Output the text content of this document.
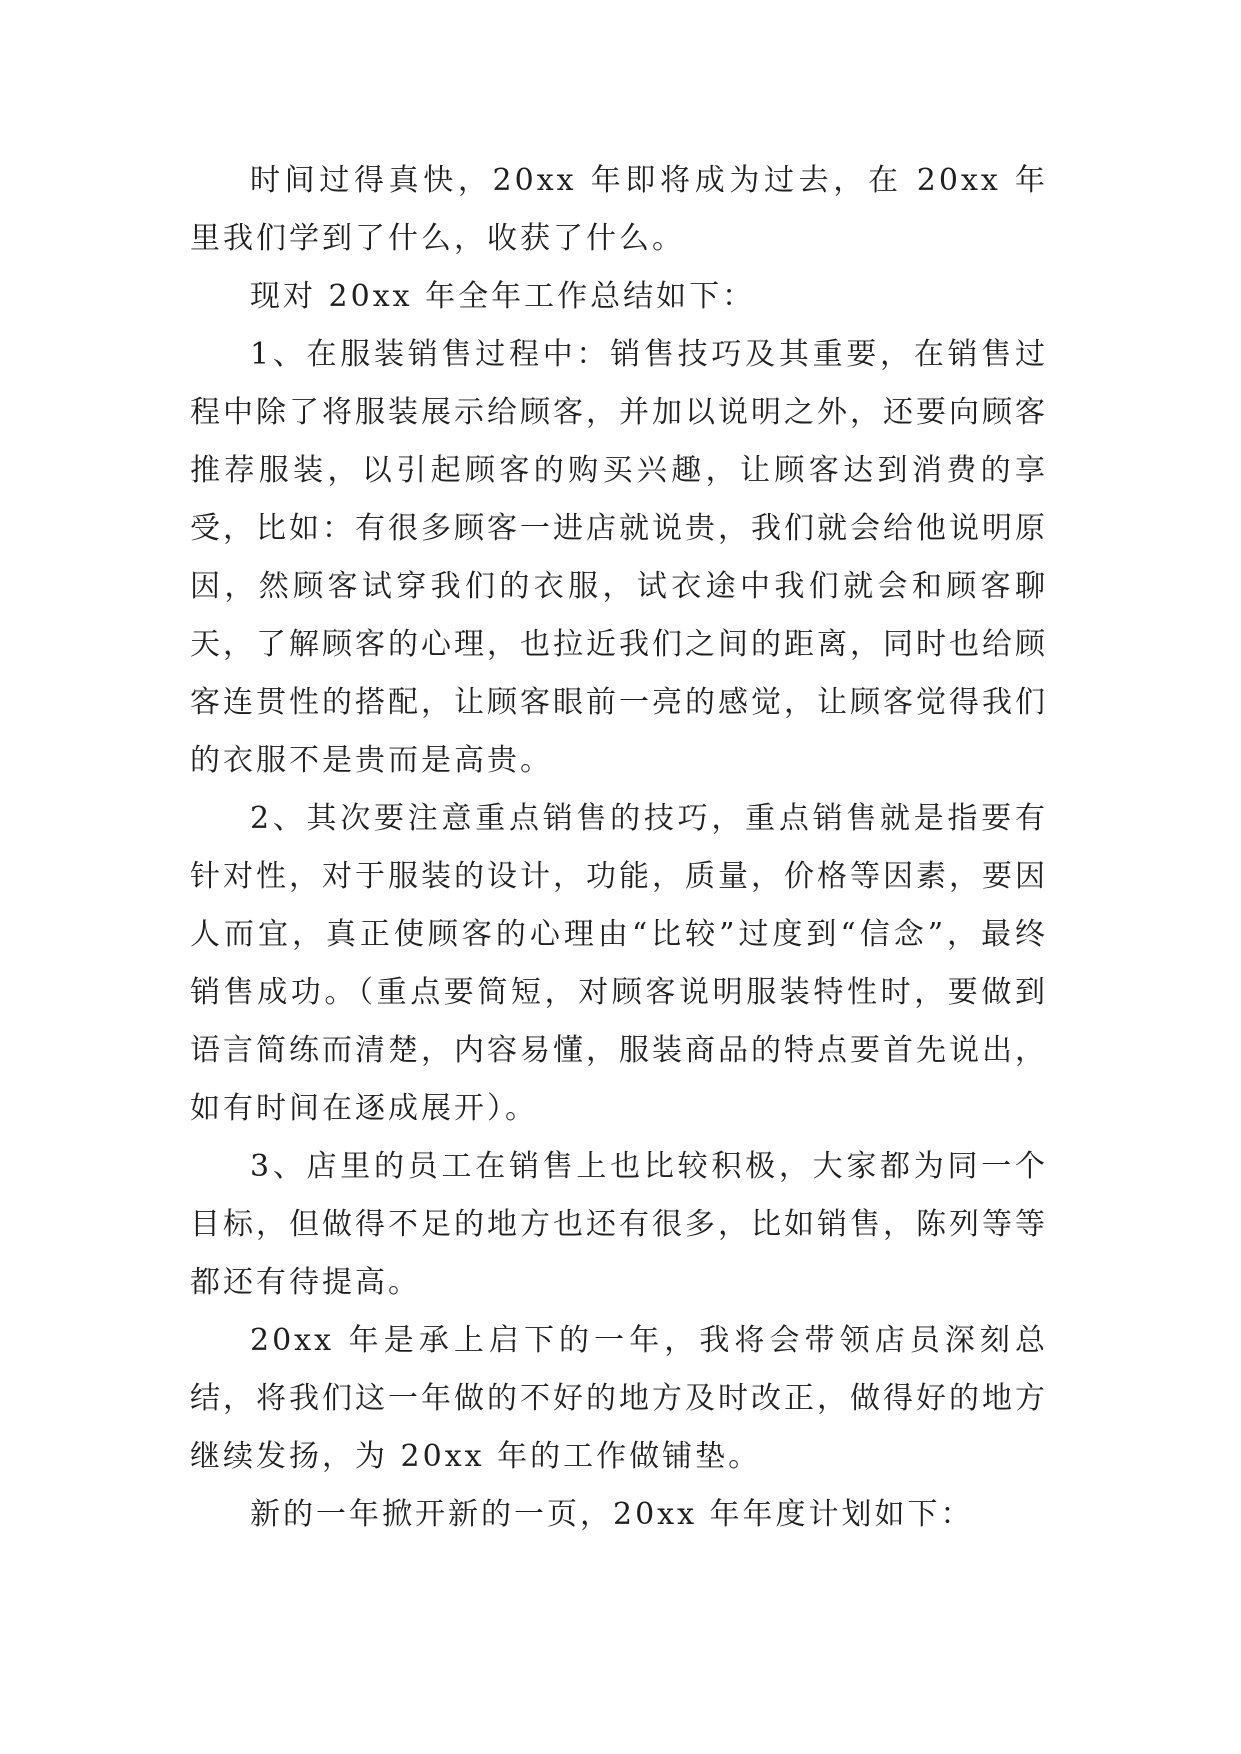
时间过得真快，20xx 年即将成为过去，在 20xx 年里我们学到了什么，收获了什么。

现对 20xx 年全年工作总结如下：

1、在服装销售过程中：销售技巧及其重要，在销售过程中除了将服装展示给顾客，并加以说明之外，还要向顾客推荐服装，以引起顾客的购买兴趣，让顾客达到消费的享受，比如：有很多顾客一进店就说贵，我们就会给他说明原因，然顾客试穿我们的衣服，试衣途中我们就会和顾客聊天，了解顾客的心理，也拉近我们之间的距离，同时也给顾客连贯性的搭配，让顾客眼前一亮的感觉，让顾客觉得我们的衣服不是贵而是高贵。

2、其次要注意重点销售的技巧，重点销售就是指要有针对性，对于服装的设计，功能，质量，价格等因素，要因人而宜，真正使顾客的心理由“比较”过度到“信念”，最终销售成功。（重点要简短，对顾客说明服装特性时，要做到语言简练而清楚，内容易懂，服装商品的特点要首先说出，如有时间在逐成展开）。

3、店里的员工在销售上也比较积极，大家都为同一个目标，但做得不足的地方也还有很多，比如销售，陈列等等都还有待提高。

20xx 年是承上启下的一年，我将会带领店员深刻总结，将我们这一年做的不好的地方及时改正，做得好的地方继续发扬，为 20xx 年的工作做铺垫。

新的一年掀开新的一页，20xx 年年度计划如下：
